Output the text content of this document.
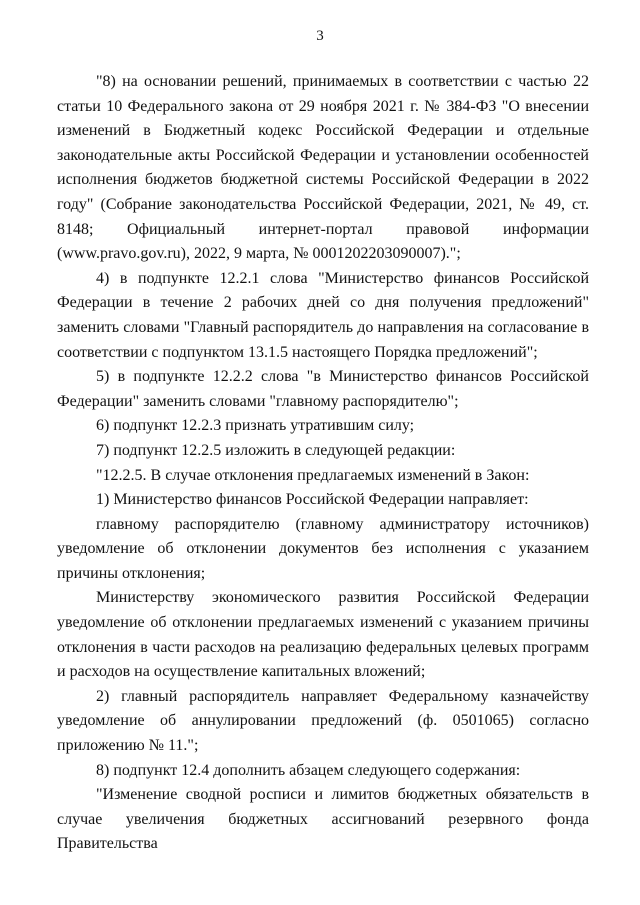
3

"8) на основании решений, принимаемых в соответствии с частью 22 статьи 10 Федерального закона от 29 ноября 2021 г. № 384-ФЗ "О внесении изменений в Бюджетный кодекс Российской Федерации и отдельные законодательные акты Российской Федерации и установлении особенностей исполнения бюджетов бюджетной системы Российской Федерации в 2022 году" (Собрание законодательства Российской Федерации, 2021, № 49, ст. 8148; Официальный интернет-портал правовой информации (www.pravo.gov.ru), 2022, 9 марта, № 0001202203090007).";

4) в подпункте 12.2.1 слова "Министерство финансов Российской Федерации в течение 2 рабочих дней со дня получения предложений" заменить словами "Главный распорядитель до направления на согласование в соответствии с подпунктом 13.1.5 настоящего Порядка предложений";

5) в подпункте 12.2.2 слова "в Министерство финансов Российской Федерации" заменить словами "главному распорядителю";

6) подпункт 12.2.3 признать утратившим силу;

7) подпункт 12.2.5 изложить в следующей редакции:

"12.2.5. В случае отклонения предлагаемых изменений в Закон:

1) Министерство финансов Российской Федерации направляет:

главному распорядителю (главному администратору источников) уведомление об отклонении документов без исполнения с указанием причины отклонения;

Министерству экономического развития Российской Федерации уведомление об отклонении предлагаемых изменений с указанием причины отклонения в части расходов на реализацию федеральных целевых программ и расходов на осуществление капитальных вложений;

2) главный распорядитель направляет Федеральному казначейству уведомление об аннулировании предложений (ф. 0501065) согласно приложению № 11.";

8) подпункт 12.4 дополнить абзацем следующего содержания:

"Изменение сводной росписи и лимитов бюджетных обязательств в случае увеличения бюджетных ассигнований резервного фонда Правительства
